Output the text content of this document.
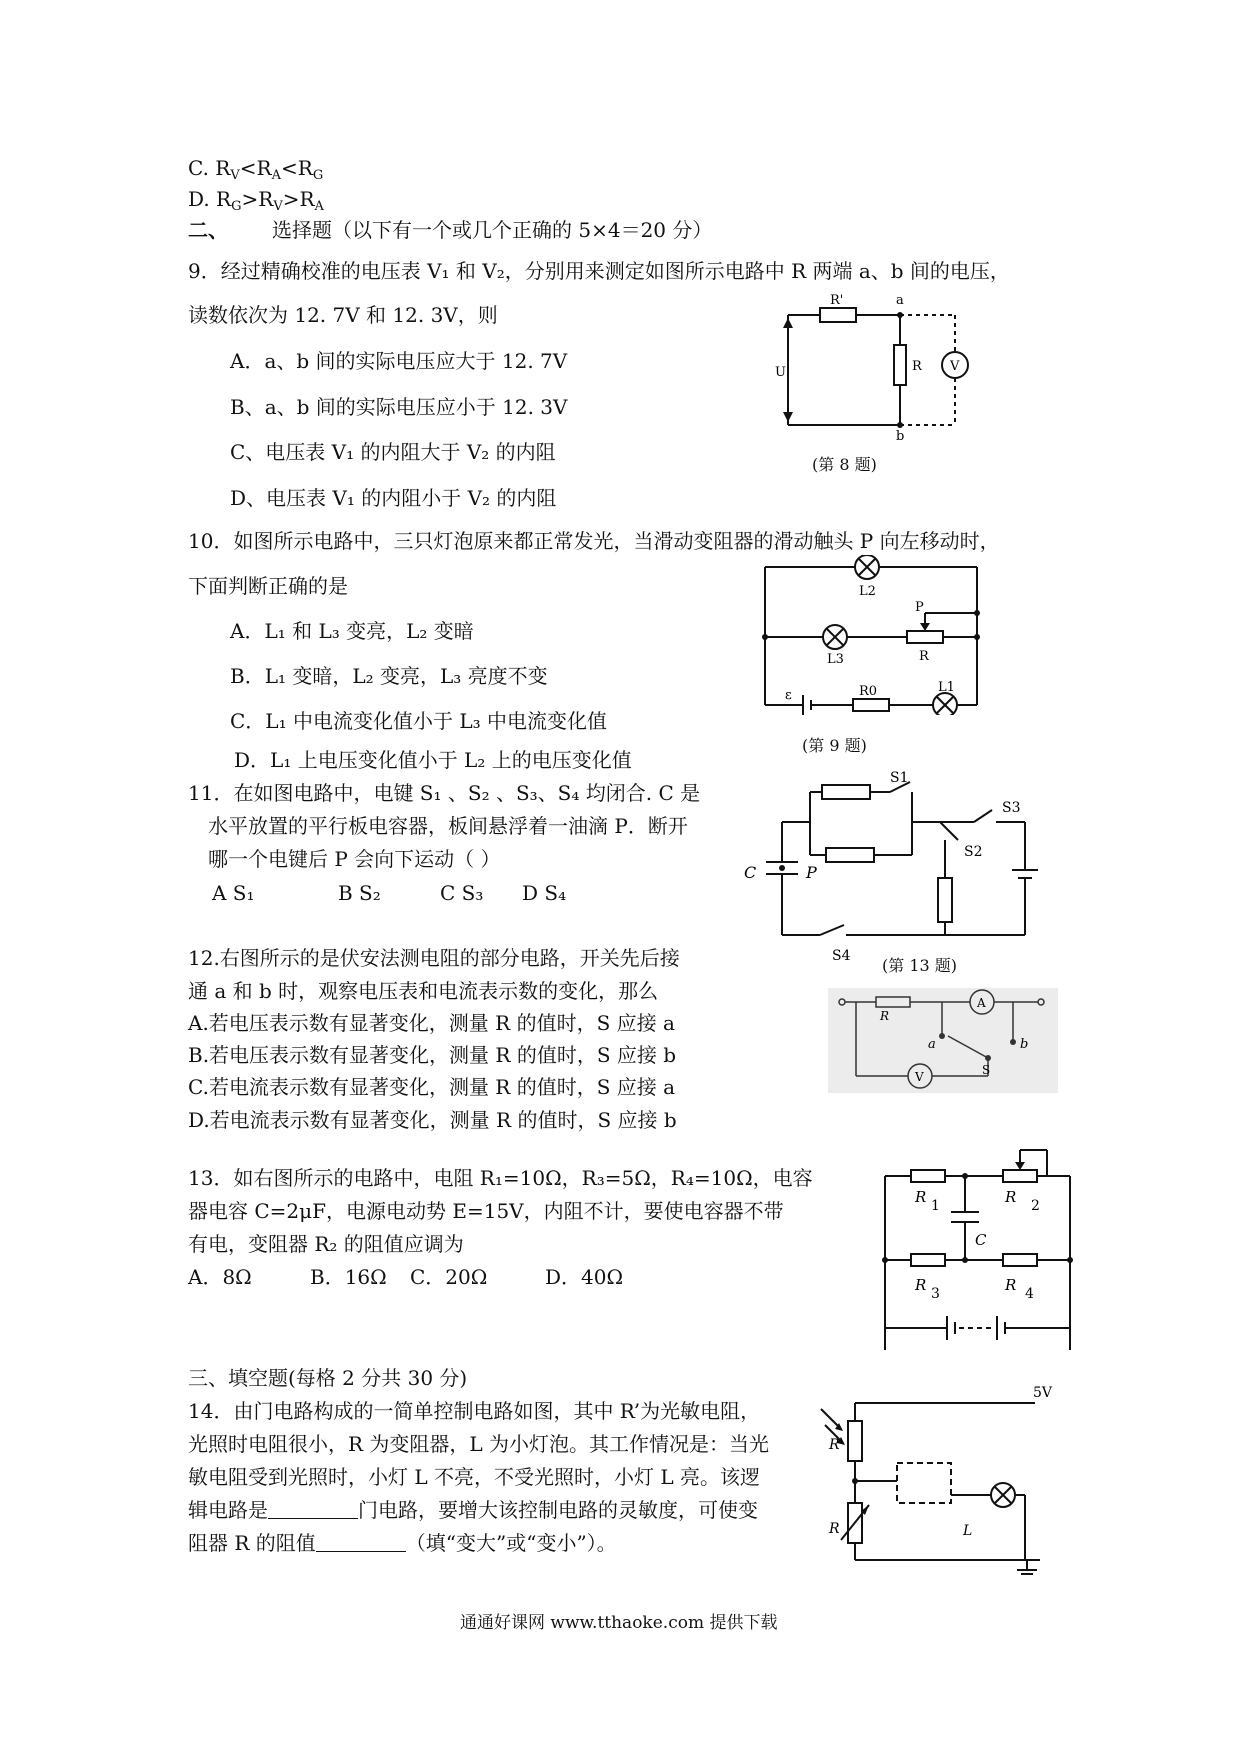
C. $R_V<R_A<R_G$
D. $R_G>R_V>R_A$
二、 选择题（以下有一个或几个正确的 5×4＝20 分）
9．经过精确校准的电压表 V₁ 和 V₂，分别用来测定如图所示电路中 R 两端 a、b 间的电压，
读数依次为 12. 7V 和 12. 3V，则
A．a、b 间的实际电压应大于 12. 7V
B、a、b 间的实际电压应小于 12. 3V
C、电压表 V₁ 的内阻大于 V₂ 的内阻
D、电压表 V₁ 的内阻小于 V₂ 的内阻
R'
R
U
a
b
V
(第 8 题)
10．如图所示电路中，三只灯泡原来都正常发光，当滑动变阻器的滑动触头 P 向左移动时，
下面判断正确的是
A．L₁ 和 L₃ 变亮，L₂ 变暗
B．L₁ 变暗，L₂ 变亮，L₃ 亮度不变
C．L₁ 中电流变化值小于 L₃ 中电流变化值
D．L₁ 上电压变化值小于 L₂ 上的电压变化值
L2
L3
P
R
R0	L1
ε
(第 9 题)
11．在如图电路中，电键 S₁ 、S₂ 、S₃、S₄ 均闭合. C 是
水平放置的平行板电容器，板间悬浮着一油滴 P．断开
哪一个电键后 P 会向下运动（ ）
A S₁	B S₂	C S₃ D S₄
S1
S2
S3
S4
C	P
(第 13 题)
12.右图所示的是伏安法测电阻的部分电路，开关先后接
通 a 和 b 时，观察电压表和电流表示数的变化，那么
A.若电压表示数有显著变化，测量 R 的值时，S 应接 a
B.若电压表示数有显著变化，测量 R 的值时，S 应接 b
C.若电流表示数有显著变化，测量 R 的值时，S 应接 a
D.若电流表示数有显著变化，测量 R 的值时，S 应接 b
R
A
V
a	b
S
13．如右图所示的电路中，电阻 R₁=10Ω，R₃=5Ω，R₄=10Ω，电容
器电容 C=2μF，电源电动势 E=15V，内阻不计，要使电容器不带
有电，变阻器 R₂ 的阻值应调为
A．8Ω	B．16Ω C．20Ω	D．40Ω
R 1	R 2
C
R 3	R 4
三、填空题(每格 2 分共 30 分)
14．由门电路构成的一简单控制电路如图，其中 R’为光敏电阻，
光照时电阻很小，R 为变阻器，L 为小灯泡。其工作情况是：当光
敏电阻受到光照时，小灯 L 不亮，不受光照时，小灯 L 亮。该逻
辑电路是	门电路，要增大该控制电路的灵敏度，可使变
阻器 R 的阻值	（填“变大”或“变小”）。
5V
R'
R	L
通通好课网 www.tthaoke.com 提供下载
